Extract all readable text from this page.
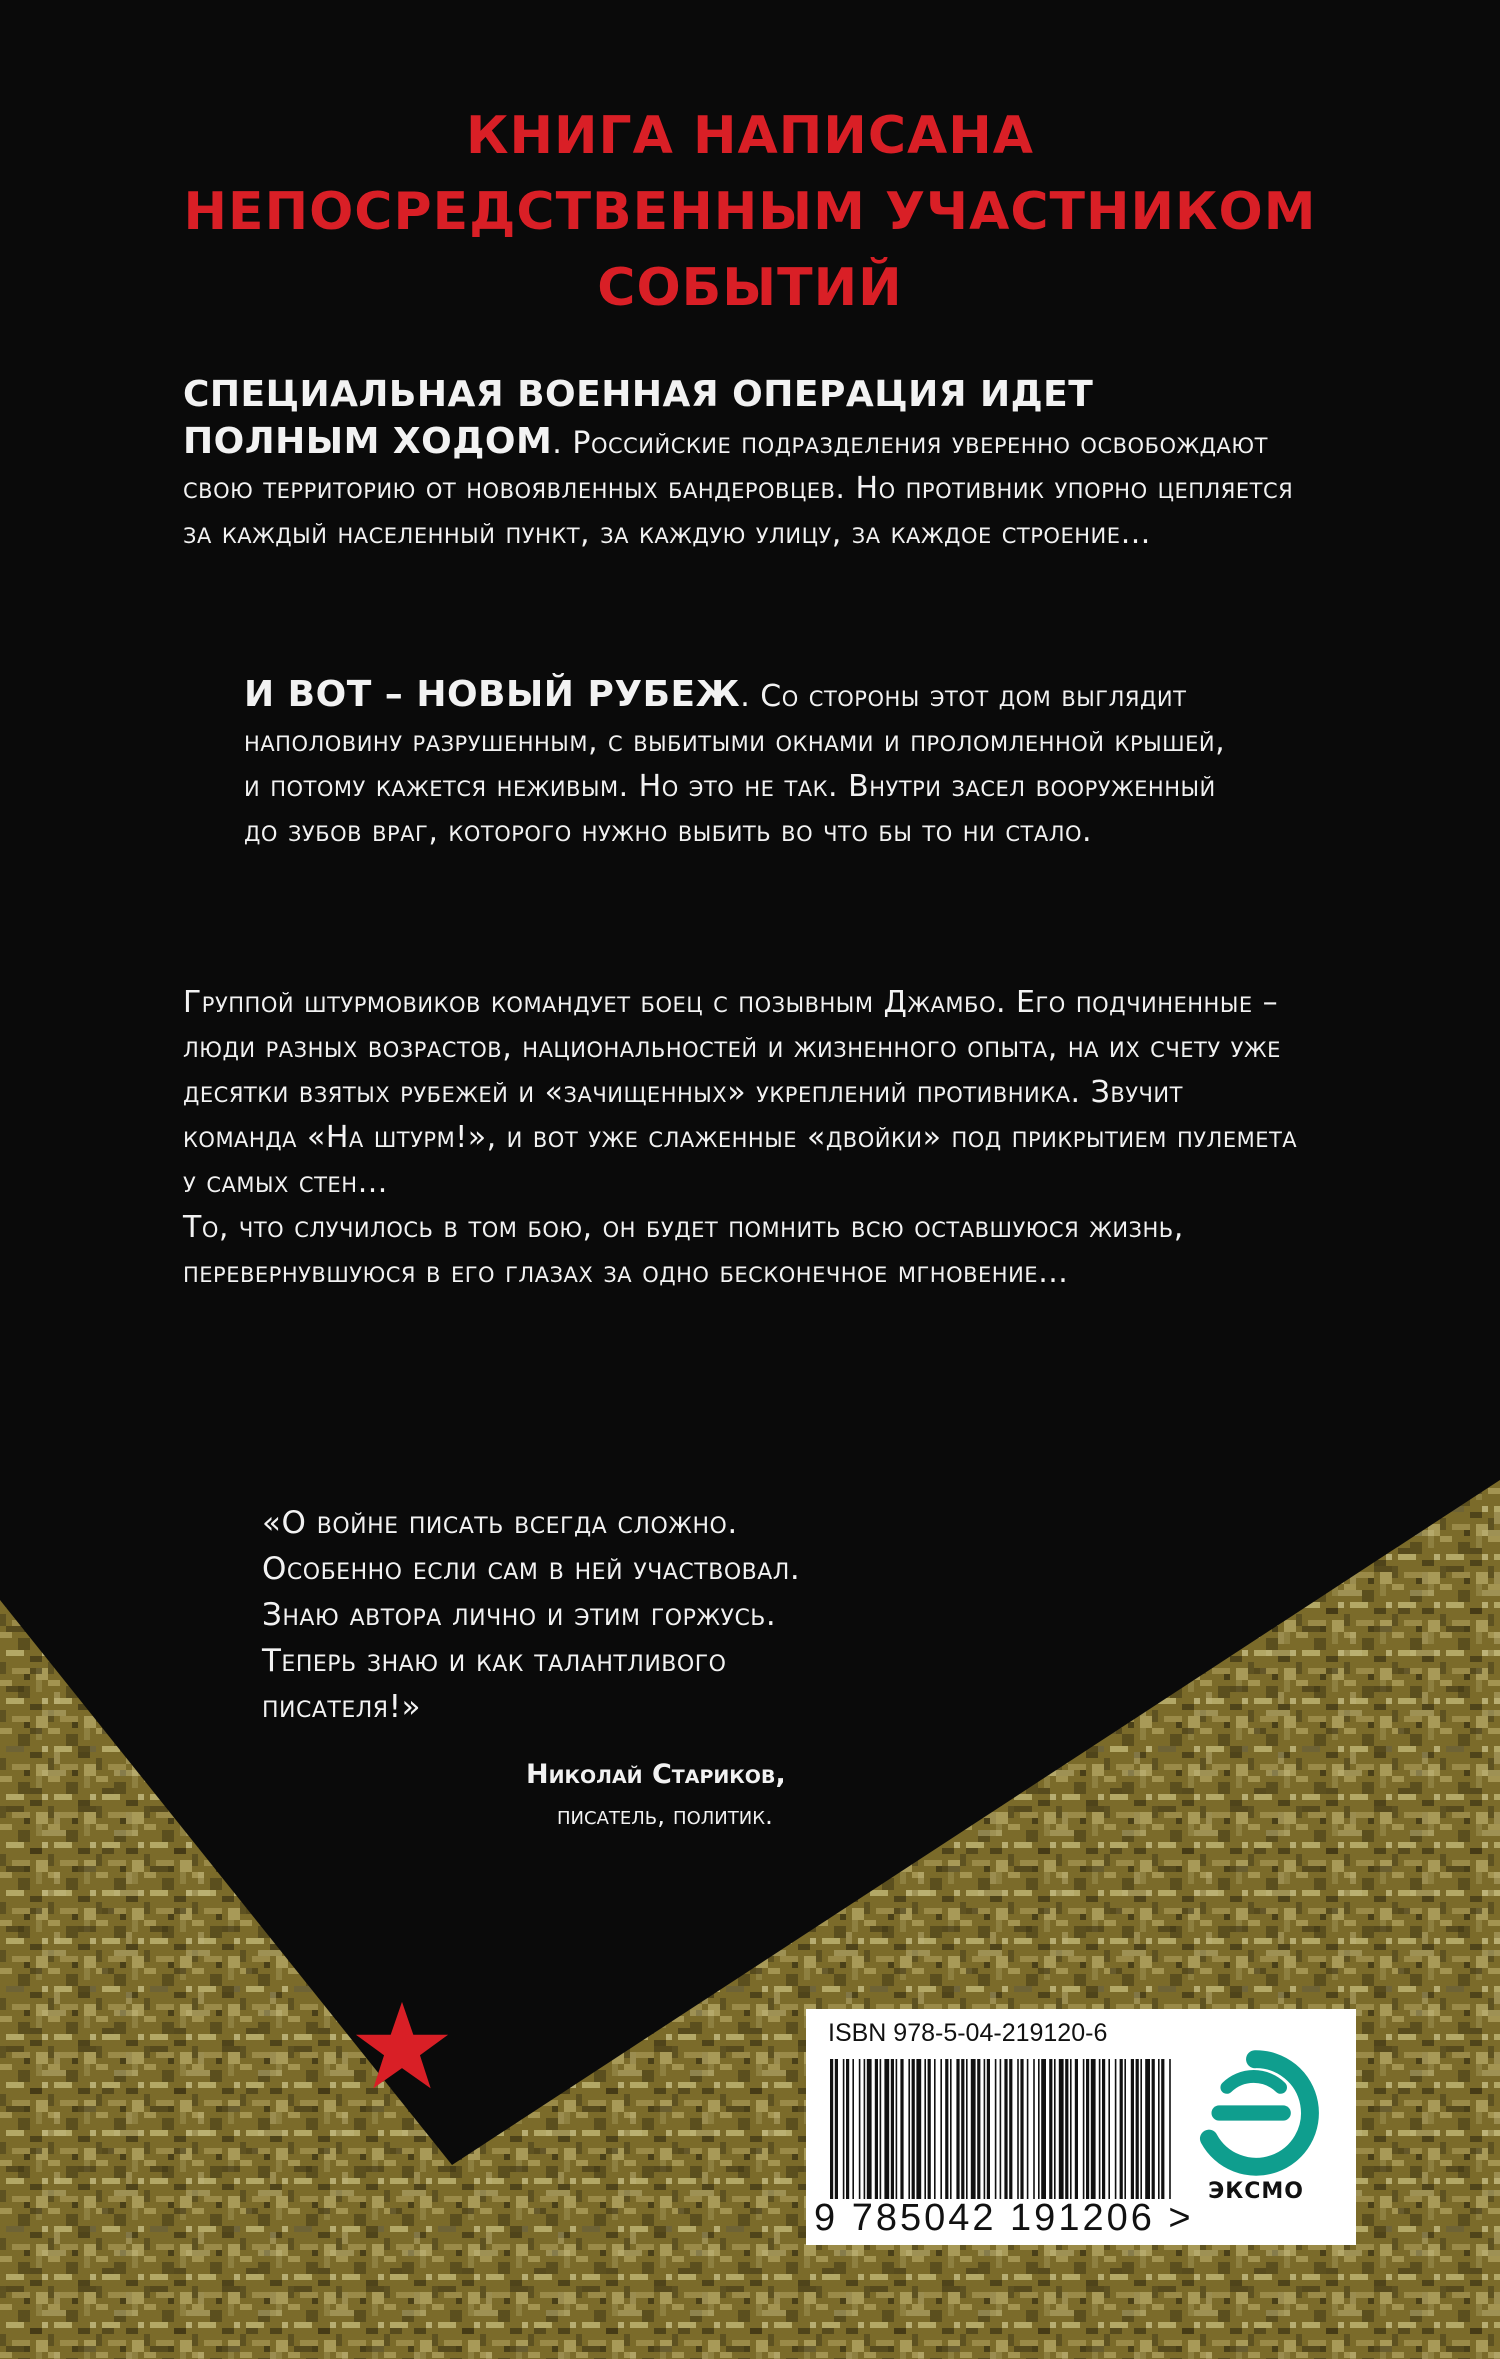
КНИГА НАПИСАНА
НЕПОСРЕДСТВЕННЫМ УЧАСТНИКОМ
СОБЫТИЙ
СПЕЦИАЛЬНАЯ ВОЕННАЯ ОПЕРАЦИЯ ИДЕТ ПОЛНЫМ ХОДОМ. Российские подразделения уверенно освобождают свою территорию от новоявленных бандеровцев. Но противник упорно цепляется за каждый населенный пункт, за каждую улицу, за каждое строение…
И ВОТ – НОВЫЙ РУБЕЖ. Со стороны этот дом выглядит наполовину разрушенным, с выбитыми окнами и проломленной крышей, и потому кажется неживым. Но это не так. Внутри засел вооруженный до зубов враг, которого нужно выбить во что бы то ни стало.
Группой штурмовиков командует боец с позывным Джамбо. Его подчиненные – люди разных возрастов, национальностей и жизненного опыта, на их счету уже десятки взятых рубежей и «зачищенных» укреплений противника. Звучит команда «На штурм!», и вот уже слаженные «двойки» под прикрытием пулемета у самых стен…
То, что случилось в том бою, он будет помнить всю оставшуюся жизнь, перевернувшуюся в его глазах за одно бесконечное мгновение…
«О войне писать всегда сложно.
Особенно если сам в ней участвовал.
Знаю автора лично и этим горжусь.
Теперь знаю и как талантливого
писателя!»
Николай Стариков,
писатель, политик.
ISBN 978-5-04-219120-6
9 785042 191206 >
ЭКСМО
